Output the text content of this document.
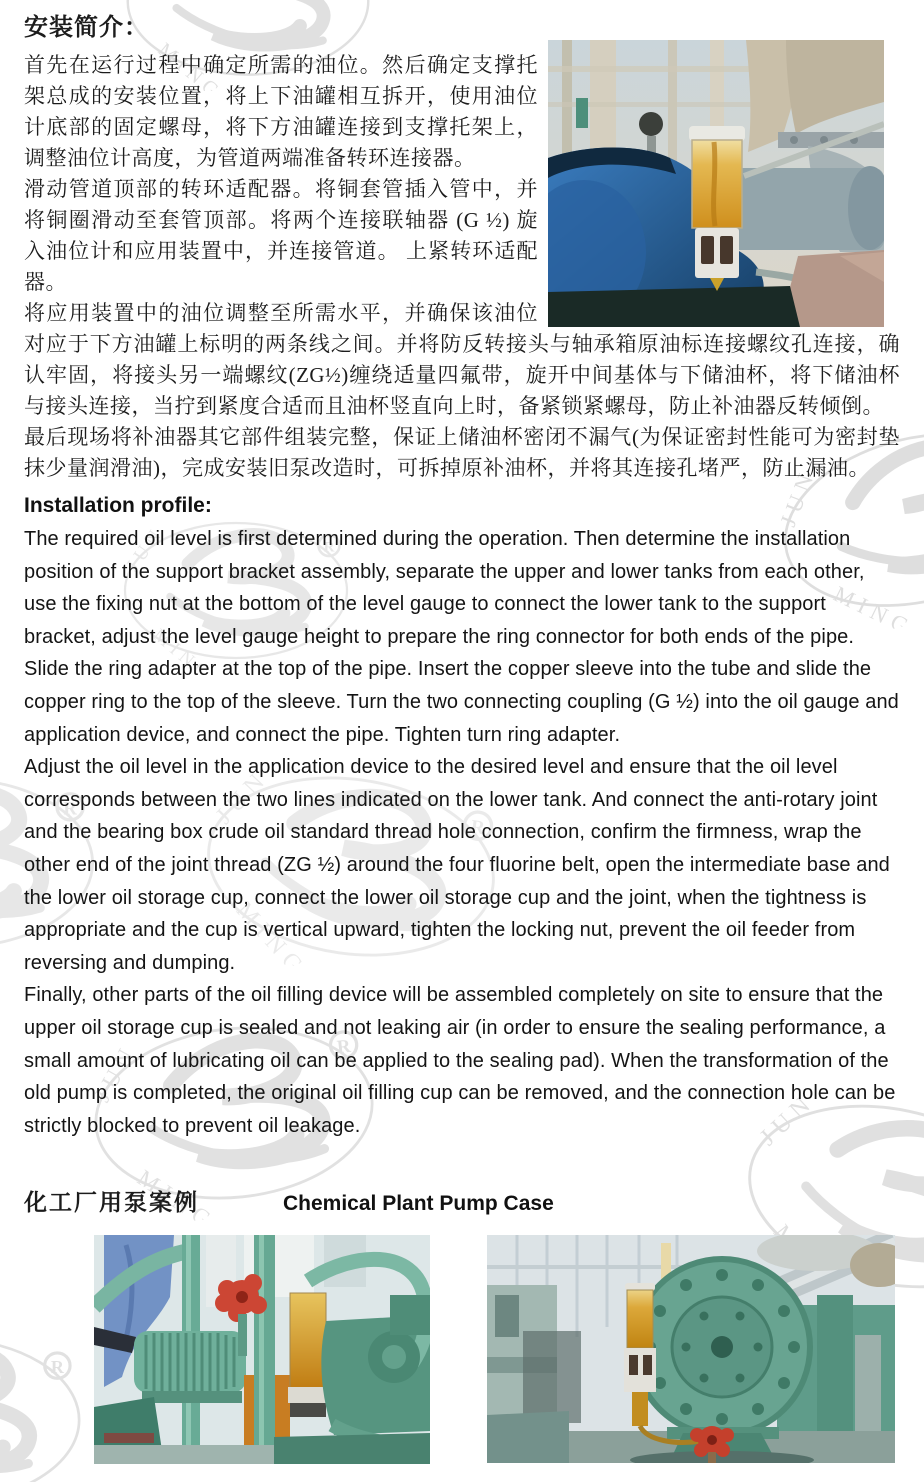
安装简介：

首先在运行过程中确定所需的油位。然后确定支撑托架总成的安装位置，将上下油罐相互拆开，使用油位计底部的固定螺母，将下方油罐连接到支撑托架上，调整油位计高度，为管道两端准备转环连接器。

滑动管道顶部的转环适配器。将铜套管插入管中，并将铜圈滑动至套管顶部。将两个连接联轴器 (G ½) 旋入油位计和应用装置中，并连接管道。 上紧转环适配器。

将应用装置中的油位调整至所需水平，并确保该油位对应于下方油罐上标明的两条线之间。并将防反转接头与轴承箱原油标连接螺纹孔连接，确认牢固，将接头另一端螺纹(ZG½)缠绕适量四氟带，旋开中间基体与下储油杯，将下储油杯与接头连接，当拧到紧度合适而且油杯竖直向上时，备紧锁紧螺母，防止补油器反转倾倒。

最后现场将补油器其它部件组装完整，保证上储油杯密闭不漏气(为保证密封性能可为密封垫抹少量润滑油)，完成安装旧泵改造时，可拆掉原补油杯，并将其连接孔堵严，防止漏油。

Installation profile:

The required oil level is first determined during the operation. Then determine the installation position of the support bracket assembly, separate the upper and lower tanks from each other, use the fixing nut at the bottom of the level gauge to connect the lower tank to the support bracket, adjust the level gauge height to prepare the ring connector for both ends of the pipe.

Slide the ring adapter at the top of the pipe. Insert the copper sleeve into the tube and slide the copper ring to the top of the sleeve. Turn the two connecting coupling (G ½) into the oil gauge and application device, and connect the pipe. Tighten turn ring adapter.

Adjust the oil level in the application device to the desired level and ensure that the oil level corresponds between the two lines indicated on the lower tank. And connect the anti-rotary joint and the bearing box crude oil standard thread hole connection, confirm the firmness, wrap the other end of the joint thread (ZG ½) around the four fluorine belt, open the intermediate base and the lower oil storage cup, connect the lower oil storage cup and the joint, when the tightness is appropriate and the cup is vertical upward, tighten the locking nut, prevent the oil feeder from reversing and dumping.

Finally, other parts of the oil filling device will be assembled completely on site to ensure that the upper oil storage cup is sealed and not leaking air (in order to ensure the sealing performance, a small amount of lubricating oil can be applied to the sealing pad). When the transformation of the old pump is completed, the original oil filling cup can be removed, and the connection hole can be strictly blocked to prevent oil leakage.

化工厂用泵案例	Chemical Plant Pump Case
